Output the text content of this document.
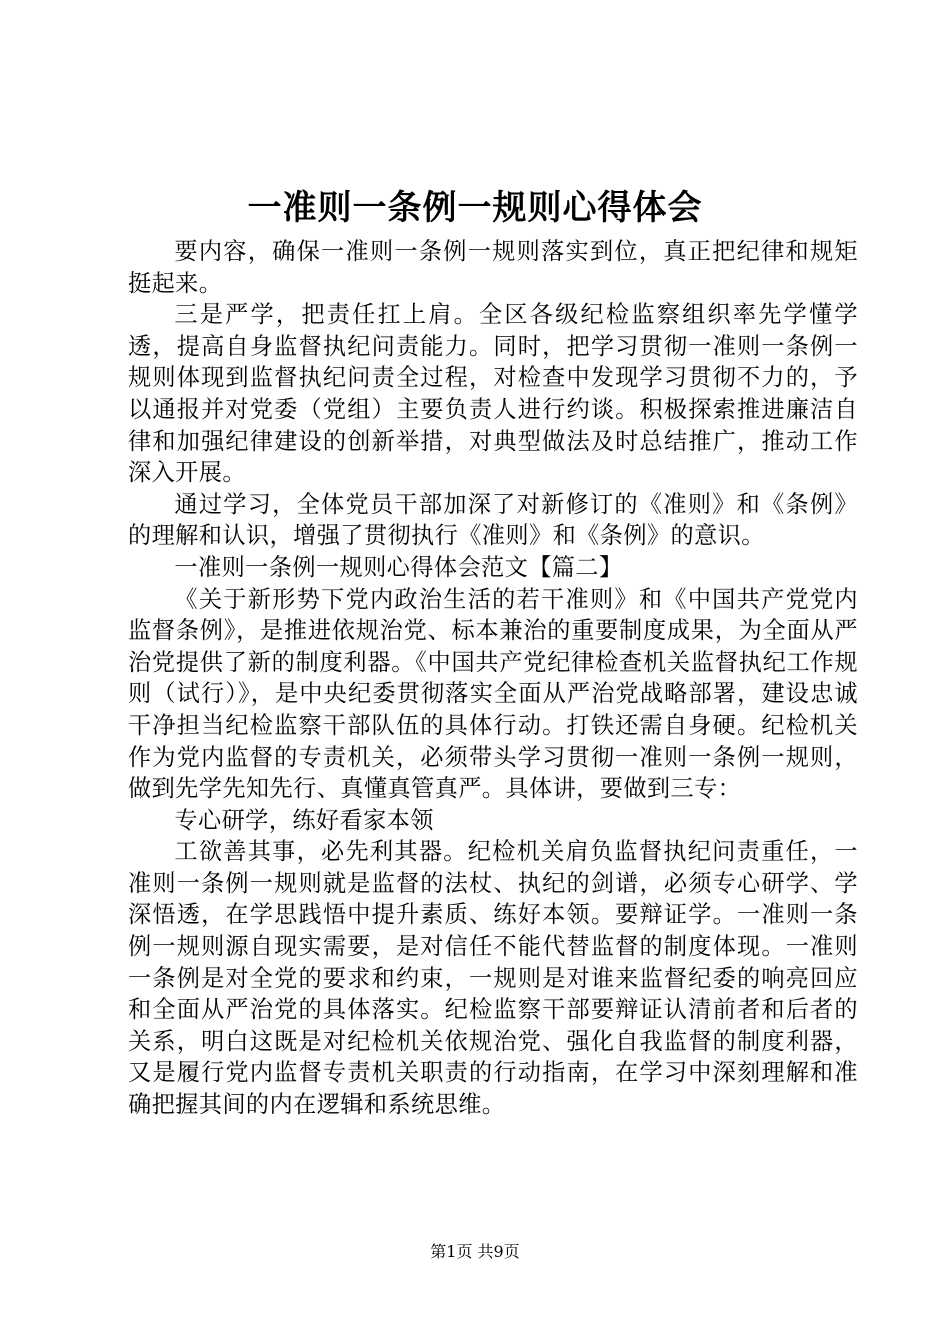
一准则一条例一规则心得体会

要内容，确保一准则一条例一规则落实到位，真正把纪律和规矩挺起来。

三是严学，把责任扛上肩。全区各级纪检监察组织率先学懂学透，提高自身监督执纪问责能力。同时，把学习贯彻一准则一条例一规则体现到监督执纪问责全过程，对检查中发现学习贯彻不力的，予以通报并对党委（党组）主要负责人进行约谈。积极探索推进廉洁自律和加强纪律建设的创新举措，对典型做法及时总结推广，推动工作深入开展。

通过学习，全体党员干部加深了对新修订的《准则》和《条例》的理解和认识，增强了贯彻执行《准则》和《条例》的意识。

一准则一条例一规则心得体会范文【篇二】

《关于新形势下党内政治生活的若干准则》和《中国共产党党内监督条例》，是推进依规治党、标本兼治的重要制度成果，为全面从严治党提供了新的制度利器。《中国共产党纪律检查机关监督执纪工作规则（试行）》，是中央纪委贯彻落实全面从严治党战略部署，建设忠诚干净担当纪检监察干部队伍的具体行动。打铁还需自身硬。纪检机关作为党内监督的专责机关，必须带头学习贯彻一准则一条例一规则，做到先学先知先行、真懂真管真严。具体讲，要做到三专：

专心研学，练好看家本领

工欲善其事，必先利其器。纪检机关肩负监督执纪问责重任，一准则一条例一规则就是监督的法杖、执纪的剑谱，必须专心研学、学深悟透，在学思践悟中提升素质、练好本领。要辩证学。一准则一条例一规则源自现实需要，是对信任不能代替监督的制度体现。一准则一条例是对全党的要求和约束，一规则是对谁来监督纪委的响亮回应和全面从严治党的具体落实。纪检监察干部要辩证认清前者和后者的关系，明白这既是对纪检机关依规治党、强化自我监督的制度利器，又是履行党内监督专责机关职责的行动指南，在学习中深刻理解和准确把握其间的内在逻辑和系统思维。

第1页 共9页
